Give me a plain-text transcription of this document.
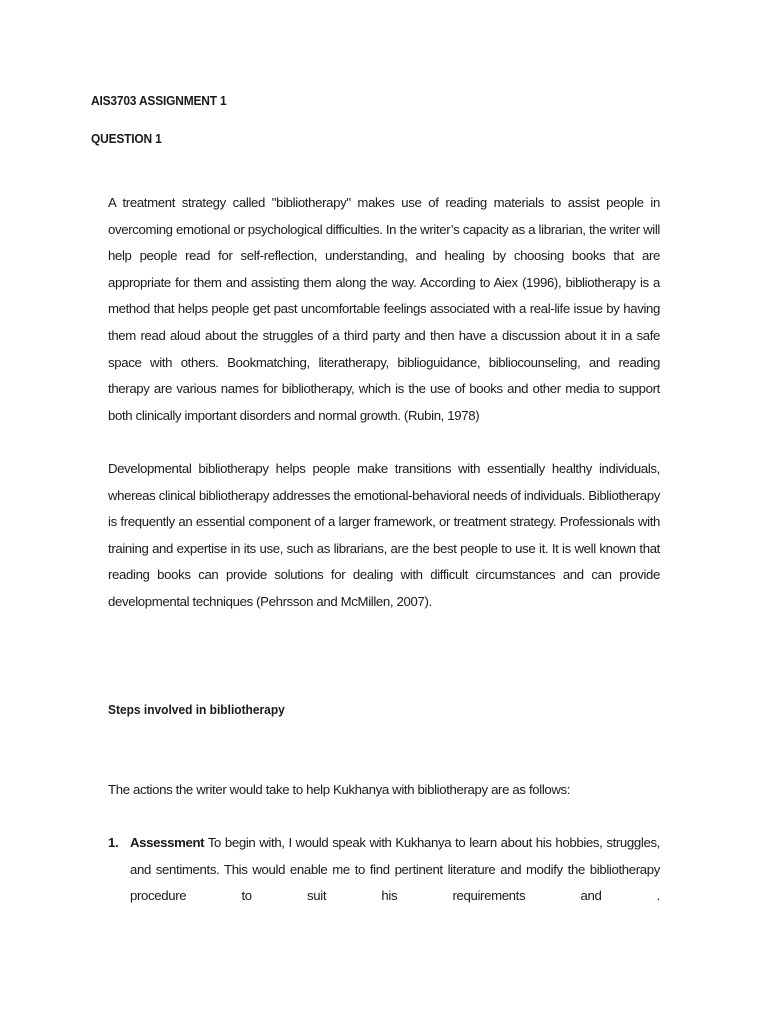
AIS3703 ASSIGNMENT 1

QUESTION 1

A treatment strategy called "bibliotherapy" makes use of reading materials to assist people in overcoming emotional or psychological difficulties. In the writer’s capacity as a librarian, the writer will help people read for self-reflection, understanding, and healing by choosing books that are appropriate for them and assisting them along the way. According to Aiex (1996), bibliotherapy is a method that helps people get past uncomfortable feelings associated with a real-life issue by having them read aloud about the struggles of a third party and then have a discussion about it in a safe space with others. Bookmatching, literatherapy, biblioguidance, bibliocounseling, and reading therapy are various names for bibliotherapy, which is the use of books and other media to support both clinically important disorders and normal growth. (Rubin, 1978)

Developmental bibliotherapy helps people make transitions with essentially healthy individuals, whereas clinical bibliotherapy addresses the emotional-behavioral needs of individuals. Bibliotherapy is frequently an essential component of a larger framework, or treatment strategy. Professionals with training and expertise in its use, such as librarians, are the best people to use it. It is well known that reading books can provide solutions for dealing with difficult circumstances and can provide developmental techniques (Pehrsson and McMillen, 2007).

Steps involved in bibliotherapy

The actions the writer would take to help Kukhanya with bibliotherapy are as follows:

1. Assessment To begin with, I would speak with Kukhanya to learn about his hobbies, struggles, and sentiments. This would enable me to find pertinent literature and modify the bibliotherapy procedure to suit his requirements and .
